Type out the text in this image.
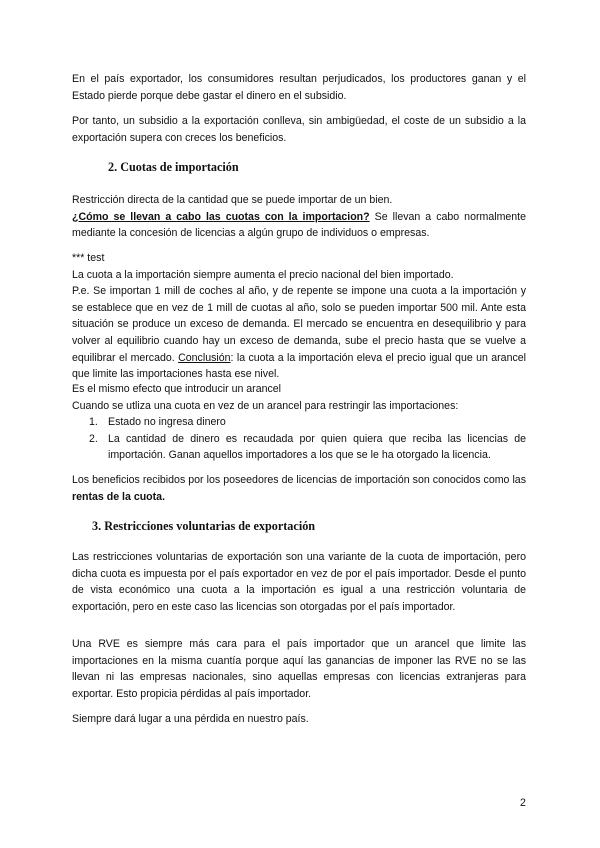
En el país exportador, los consumidores resultan perjudicados, los productores ganan y el Estado pierde porque debe gastar el dinero en el subsidio.

Por tanto, un subsidio a la exportación conlleva, sin ambigüedad, el coste de un subsidio a la exportación supera con creces los beneficios.

2. Cuotas de importación
Restricción directa de la cantidad que se puede importar de un bien.
¿Cómo se llevan a cabo las cuotas con la importacion? Se llevan a cabo normalmente mediante la concesión de licencias a algún grupo de individuos o empresas.
*** test
La cuota a la importación siempre aumenta el precio nacional del bien importado.
P.e. Se importan 1 mill de coches al año, y de repente se impone una cuota a la importación y se establece que en vez de 1 mill de cuotas al año, solo se pueden importar 500 mil. Ante esta situación se produce un exceso de demanda. El mercado se encuentra en desequilibrio y para volver al equilibrio cuando hay un exceso de demanda, sube el precio hasta que se vuelve a equilibrar el mercado. Conclusión: la cuota a la importación eleva el precio igual que un arancel que limite las importaciones hasta ese nivel.
Es el mismo efecto que introducir un arancel
Cuando se utliza una cuota en vez de un arancel para restringir las importaciones:
1. Estado no ingresa dinero
2. La cantidad de dinero es recaudada por quien quiera que reciba las licencias de importación. Ganan aquellos importadores a los que se le ha otorgado la licencia.

Los beneficios recibidos por los poseedores de licencias de importación son conocidos como las rentas de la cuota.

3. Restricciones voluntarias de exportación

Las restricciones voluntarias de exportación son una variante de la cuota de importación, pero dicha cuota es impuesta por el país exportador en vez de por el país importador. Desde el punto de vista económico una cuota a la importación es igual a una restricción voluntaria de exportación, pero en este caso las licencias son otorgadas por el país importador.

Una RVE es siempre más cara para el país importador que un arancel que limite las importaciones en la misma cuantía porque aquí las ganancias de imponer las RVE no se las llevan ni las empresas nacionales, sino aquellas empresas con licencias extranjeras para exportar. Esto propicia pérdidas al país importador.

Siempre dará lugar a una pérdida en nuestro país.

2
